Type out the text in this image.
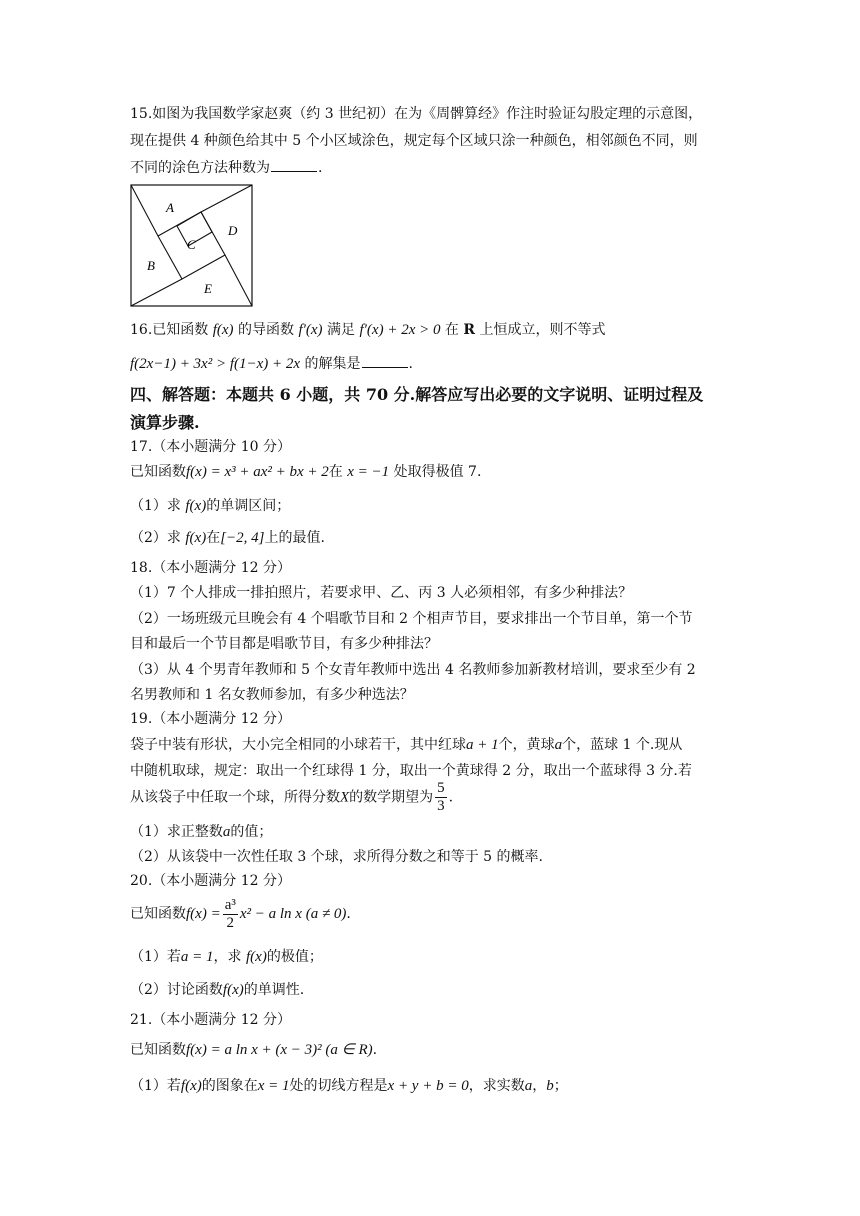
15.如图为我国数学家赵爽（约 3 世纪初）在为《周髀算经》作注时验证勾股定理的示意图，
现在提供 4 种颜色给其中 5 个小区域涂色，规定每个区域只涂一种颜色，相邻颜色不同，则
不同的涂色方法种数为	.
A
B
C
D
E
16.已知函数 f(x) 的导函数 f′(x) 满足 f′(x) + 2x > 0 在 R 上恒成立，则不等式
f(2x−1) + 3x² > f(1−x) + 2x 的解集是	.
四、解答题：本题共 6 小题，共 70 分.解答应写出必要的文字说明、证明过程及
演算步骤.
17.（本小题满分 10 分）
已知函数f(x) = x³ + ax² + bx + 2在 x = −1 处取得极值 7.
（1）求 f(x)的单调区间；
（2）求 f(x)在[−2, 4]上的最值.
18.（本小题满分 12 分）
（1）7 个人排成一排拍照片，若要求甲、乙、丙 3 人必须相邻，有多少种排法？
（2）一场班级元旦晚会有 4 个唱歌节目和 2 个相声节目，要求排出一个节目单，第一个节
目和最后一个节目都是唱歌节目，有多少种排法？
（3）从 4 个男青年教师和 5 个女青年教师中选出 4 名教师参加新教材培训，要求至少有 2
名男教师和 1 名女教师参加，有多少种选法？
19.（本小题满分 12 分）
袋子中装有形状，大小完全相同的小球若干，其中红球a + 1个，黄球a个，蓝球 1 个.现从
中随机取球，规定：取出一个红球得 1 分，取出一个黄球得 2 分，取出一个蓝球得 3 分.若
从该袋子中任取一个球，所得分数X的数学期望为 $\frac{5}{3}$ .
（1）求正整数a的值；
（2）从该袋中一次性任取 3 个球，求所得分数之和等于 5 的概率.
20.（本小题满分 12 分）
已知函数$f(x) = \frac{\text{a³}}{2} x^2 - a$ ln x (a ≠ 0).
（1）若a = 1，求 f(x)的极值；
（2）讨论函数f(x)的单调性.
21.（本小题满分 12 分）
已知函数f(x) = a ln x + (x − 3)² (a ∈ R).
（1）若f(x)的图象在x = 1处的切线方程是x + y + b = 0，求实数a，b；
